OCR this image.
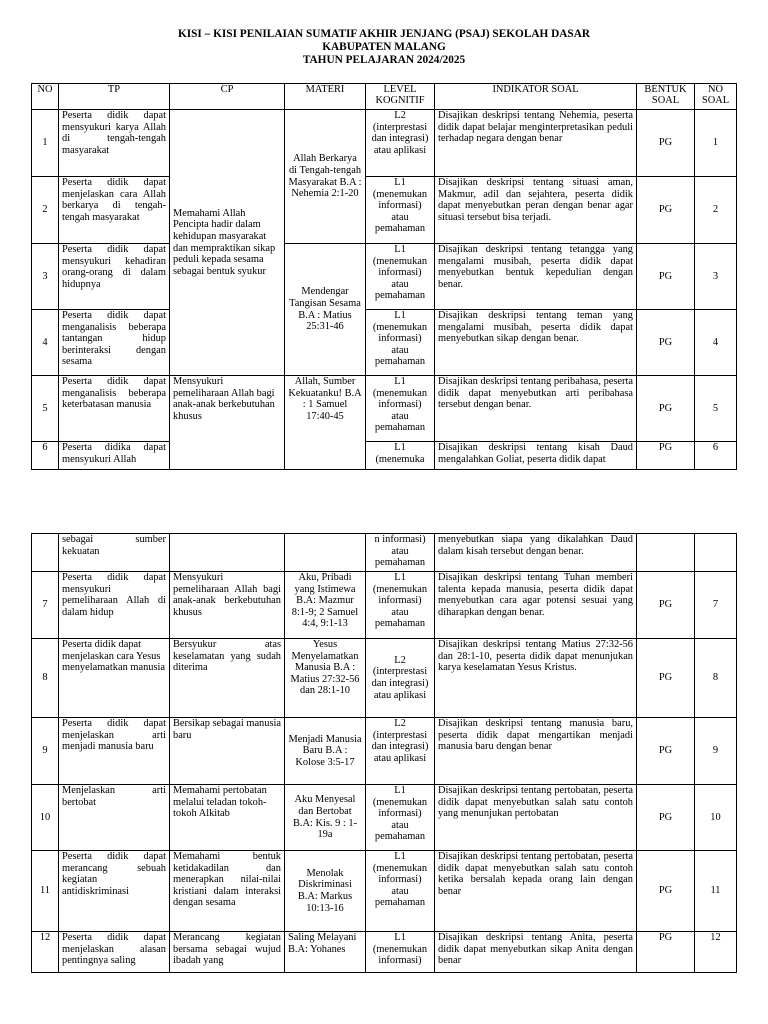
KISI – KISI PENILAIAN SUMATIF AKHIR JENJANG (PSAJ) SEKOLAH DASAR
KABUPATEN MALANG
TAHUN PELAJARAN 2024/2025
NO	TP	CP	MATERI	LEVEL KOGNITIF	INDIKATOR SOAL	BENTUK SOAL	NO SOAL
1	Peserta didik dapat mensyukuri karya Allah di tengah-tengah masyarakat	Memahami Allah Pencipta hadir dalam kehidupan masyarakat dan mempraktikan sikap peduli kepada sesama sebagai bentuk syukur	Allah Berkarya di Tengah-tengah Masyarakat B.A : Nehemia 2:1-20	L2 (interprestasi dan integrasi) atau aplikasi	Disajikan deskripsi tentang Nehemia, peserta didik dapat belajar menginterpretasikan peduli terhadap negara dengan benar	PG	1
2	Peserta didik dapat menjelaskan cara Allah berkarya di tengah-tengah masyarakat			L1 (menemukan informasi) atau pemahaman	Disajikan deskripsi tentang situasi aman, Makmur, adil dan sejahtera, peserta didik dapat menyebutkan peran dengan benar agar situasi tersebut bisa terjadi.	PG	2
3	Peserta didik dapat mensyukuri kehadiran orang-orang di dalam hidupnya		Mendengar Tangisan Sesama B.A : Matius 25:31-46	L1 (menemukan informasi) atau pemahaman	Disajikan deskripsi tentang tetangga yang mengalami musibah, peserta didik dapat menyebutkan bentuk kepedulian dengan benar.	PG	3
4	Peserta didik dapat menganalisis beberapa tantangan hidup berinteraksi dengan sesama			L1 (menemukan informasi) atau pemahaman	Disajikan deskripsi tentang teman yang mengalami musibah, peserta didik dapat menyebutkan sikap dengan benar.	PG	4
5	Peserta didik dapat menganalisis beberapa keterbatasan manusia	Mensyukuri pemeliharaan Allah bagi anak-anak berkebutuhan khusus	Allah, Sumber Kekuatanku! B.A : 1 Samuel 17:40-45	L1 (menemukan informasi) atau pemahaman	Disajikan deskripsi tentang peribahasa, peserta didik dapat menyebutkan arti peribahasa tersebut dengan benar.	PG	5
6	Peserta didika dapat mensyukuri Allah			L1 (menemuka	Disajikan deskripsi tentang kisah Daud mengalahkan Goliat, peserta didik dapat	PG	6
	sebagai sumber kekuatan			n informasi) atau pemahaman	menyebutkan siapa yang dikalahkan Daud dalam kisah tersebut dengan benar.		
7	Peserta didik dapat mensyukuri pemeliharaan Allah di dalam hidup	Mensyukuri pemeliharaan Allah bagi anak-anak berkebutuhan khusus	Aku, Pribadi yang Istimewa B.A: Mazmur 8:1-9; 2 Samuel 4:4, 9:1-13	L1 (menemukan informasi) atau pemahaman	Disajikan deskripsi tentang Tuhan memberi talenta kepada manusia, peserta didik dapat menyebutkan cara agar potensi sesuai yang diharapkan dengan benar.	PG	7
8	Peserta didik dapat menjelaskan cara Yesus menyelamatkan manusia	Bersyukur atas keselamatan yang sudah diterima	Yesus Menyelamatkan Manusia B.A : Matius 27:32-56 dan 28:1-10	L2 (interprestasi dan integrasi) atau aplikasi	Disajikan deskripsi tentang Matius 27:32-56 dan 28:1-10, peserta didik dapat menunjukan karya keselamatan Yesus Kristus.	PG	8
9	Peserta didik dapat menjelaskan arti menjadi manusia baru	Bersikap sebagai manusia baru	Menjadi Manusia Baru B.A : Kolose 3:5-17	L2 (interprestasi dan integrasi) atau aplikasi	Disajikan deskripsi tentang manusia baru, peserta didik dapat mengartikan menjadi manusia baru dengan benar	PG	9
10	Menjelaskan arti bertobat	Memahami pertobatan melalui teladan tokoh-tokoh Alkitab	Aku Menyesal dan Bertobat B.A: Kis. 9 : 1-19a	L1 (menemukan informasi) atau pemahaman	Disajikan deskripsi tentang pertobatan, peserta didik dapat menyebutkan salah satu contoh yang menunjukan pertobatan	PG	10
11	Peserta didik dapat merancang sebuah kegiatan antidiskriminasi	Memahami bentuk ketidakadilan dan menerapkan nilai-nilai kristiani dalam interaksi dengan sesama	Menolak Diskriminasi B.A: Markus 10:13-16	L1 (menemukan informasi) atau pemahaman	Disajikan deskripsi tentang pertobatan, peserta didik dapat menyebutkan salah satu contoh ketika bersalah kepada orang lain dengan benar	PG	11
12	Peserta didik dapat menjelaskan alasan pentingnya saling	Merancang kegiatan bersama sebagai wujud ibadah yang	Saling Melayani B.A: Yohanes	L1 (menemukan informasi)	Disajikan deskripsi tentang Anita, peserta didik dapat menyebutkan sikap Anita dengan benar	PG	12
